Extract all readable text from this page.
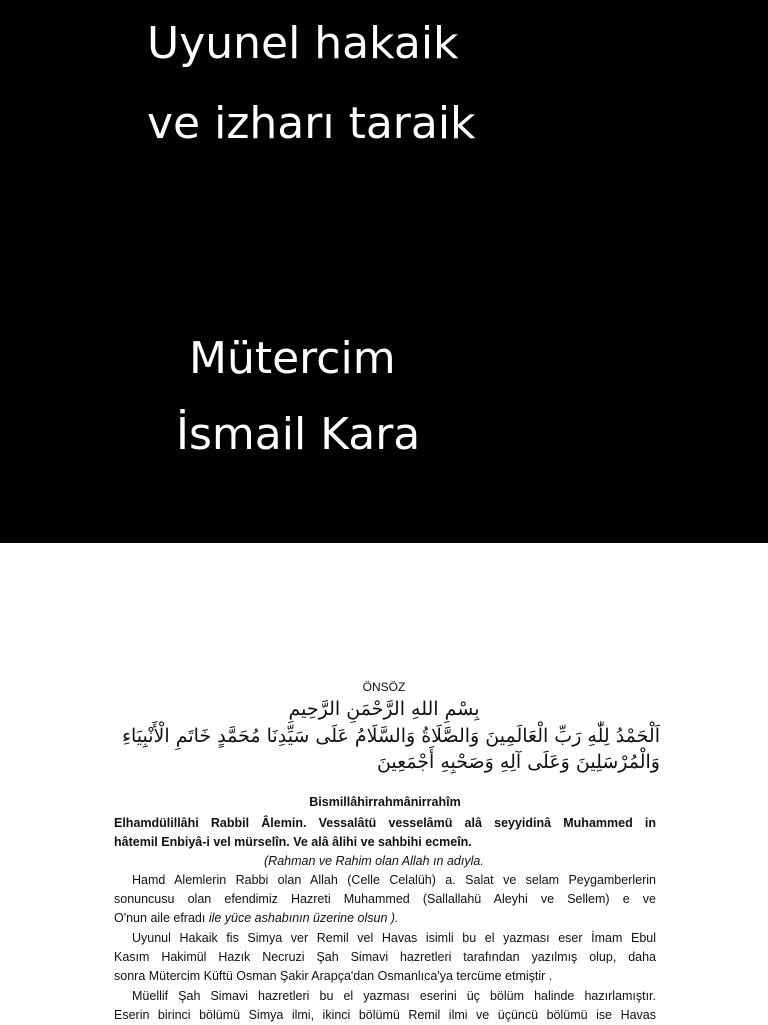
Uyunel hakaik
ve izharı taraik
Mütercim
İsmail Kara
ÖNSÖZ
بِسْمِ اللهِ الرَّحْمَنِ الرَّحِيمِ
اَلْحَمْدُ لِلّٰهِ رَبِّ الْعَالَمِينَ وَالصَّلَاةُ وَالسَّلَامُ عَلَى سَيِّدِنَا مُحَمَّدٍ خَاتَمِ الْأَنْبِيَاءِ
وَالْمُرْسَلِينَ وَعَلَى آلِهِ وَصَحْبِهِ أَجْمَعِينَ
Bismillâhirrahmânirrahîm
Elhamdülillâhi Rabbil Âlemin. Vessalâtü vesselâmü alâ seyyidinâ Muhammed in
hâtemil Enbiyâ-i vel mürselîn. Ve alâ âlihi ve sahbihi ecmeîn.
(Rahman ve Rahim olan Allah ın adıyla.
Hamd Alemlerin Rabbi olan Allah (Celle Celalüh) a. Salat ve selam Peygamberlerin
sonuncusu olan efendimiz Hazreti Muhammed (Sallallahü Aleyhi ve Sellem) e ve
O'nun aile efradı ile yüce ashabının üzerine olsun ).
Uyunul Hakaik fis Simya ver Remil vel Havas isimli bu el yazması eser İmam Ebul
Kasım Hakimül Hazık Necruzi Şah Simavi hazretleri tarafından yazılmış olup, daha
sonra Mütercim Küftü Osman Şakir Arapça'dan Osmanlıca'ya tercüme etmiştir .
Müellif Şah Simavi hazretleri bu el yazması eserini üç bölüm halinde hazırlamıştır.
Eserin birinci bölümü Simya ilmi, ikinci bölümü Remil ilmi ve üçüncü bölümü ise Havas
